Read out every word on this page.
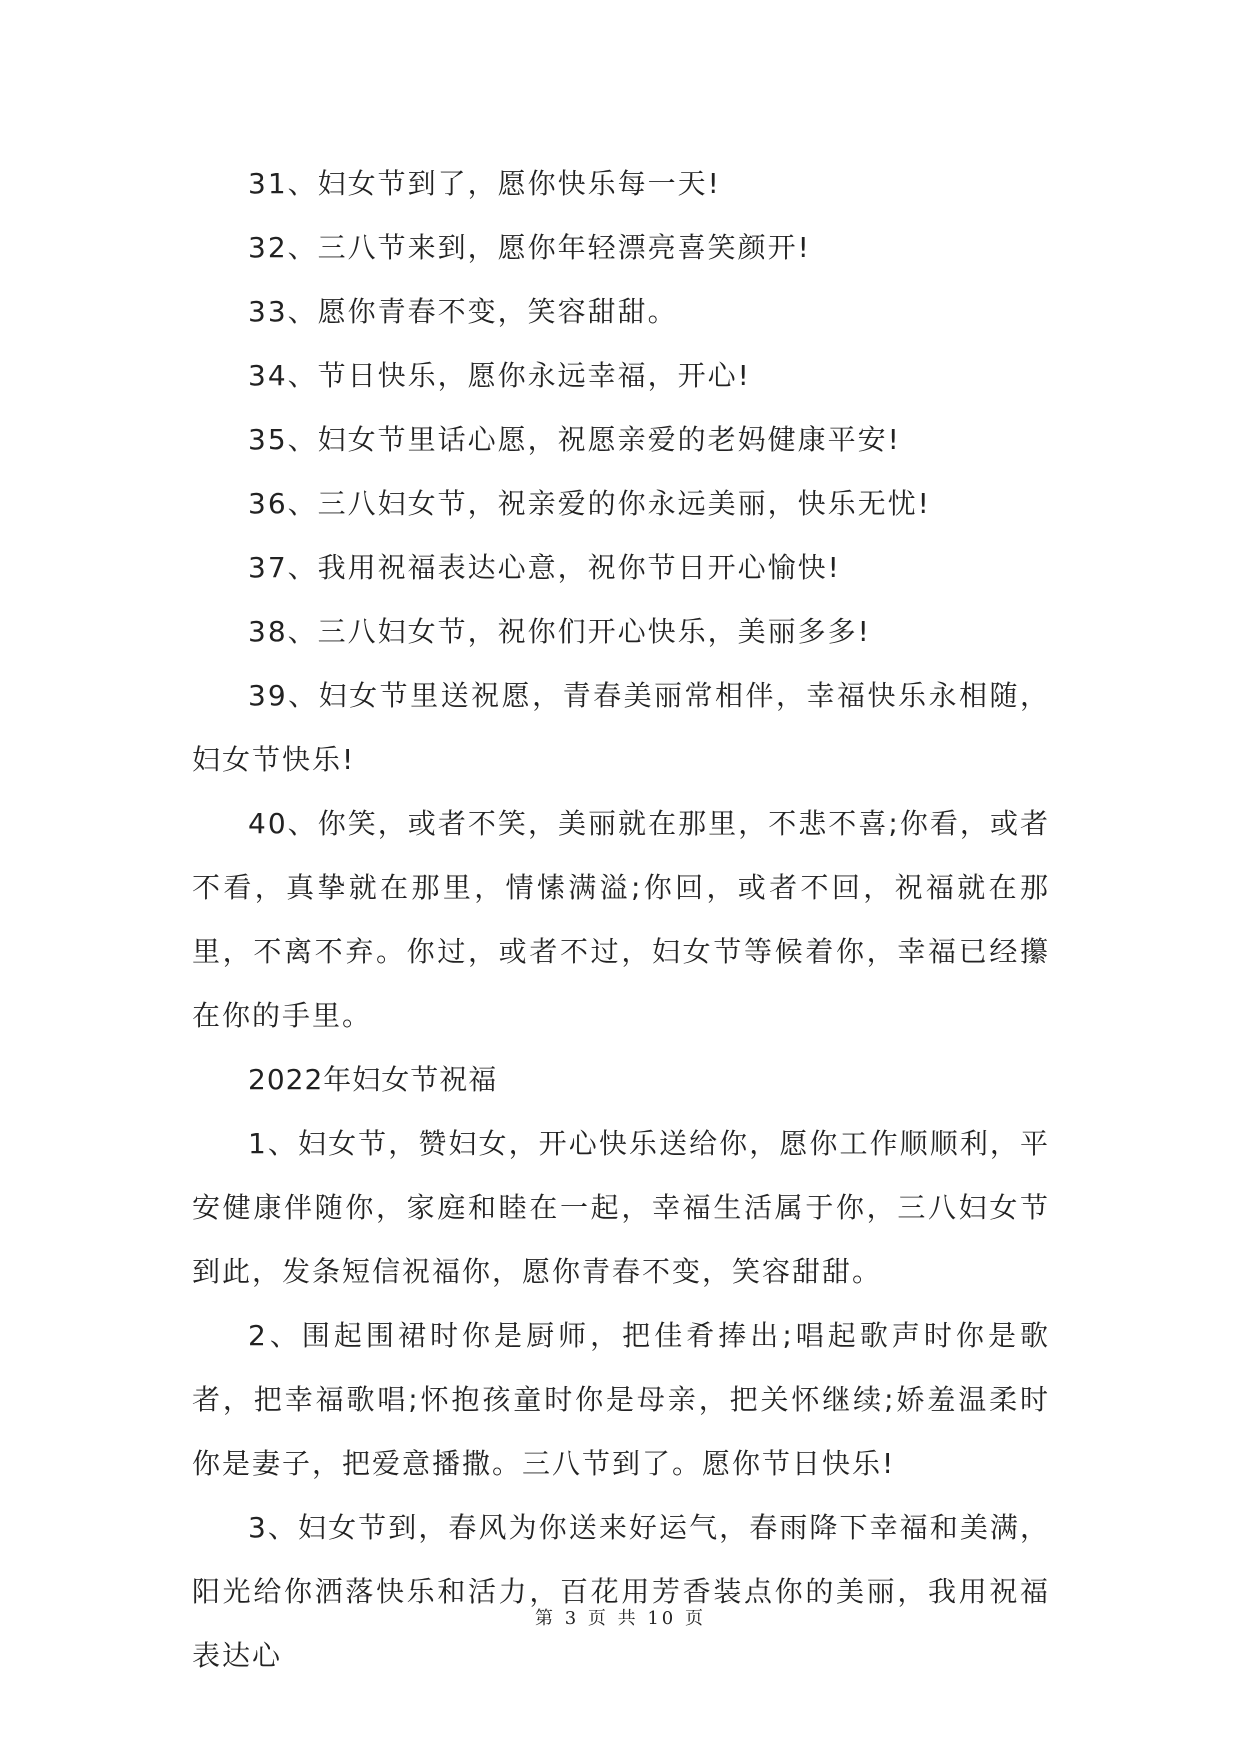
31、妇女节到了，愿你快乐每一天!

32、三八节来到，愿你年轻漂亮喜笑颜开!

33、愿你青春不变，笑容甜甜。

34、节日快乐，愿你永远幸福，开心!

35、妇女节里话心愿，祝愿亲爱的老妈健康平安!

36、三八妇女节，祝亲爱的你永远美丽，快乐无忧!

37、我用祝福表达心意，祝你节日开心愉快!

38、三八妇女节，祝你们开心快乐，美丽多多!

39、妇女节里送祝愿，青春美丽常相伴，幸福快乐永相随，妇女节快乐!

40、你笑，或者不笑，美丽就在那里，不悲不喜;你看，或者不看，真挚就在那里，情愫满溢;你回，或者不回，祝福就在那里，不离不弃。你过，或者不过，妇女节等候着你，幸福已经攥在你的手里。

2022年妇女节祝福

1、妇女节，赞妇女，开心快乐送给你，愿你工作顺顺利，平安健康伴随你，家庭和睦在一起，幸福生活属于你，三八妇女节到此，发条短信祝福你，愿你青春不变，笑容甜甜。

2、围起围裙时你是厨师，把佳肴捧出;唱起歌声时你是歌者，把幸福歌唱;怀抱孩童时你是母亲，把关怀继续;娇羞温柔时你是妻子，把爱意播撒。三八节到了。愿你节日快乐!

3、妇女节到，春风为你送来好运气，春雨降下幸福和美满，阳光给你洒落快乐和活力，百花用芳香装点你的美丽，我用祝福表达心

第 3 页 共 10 页
